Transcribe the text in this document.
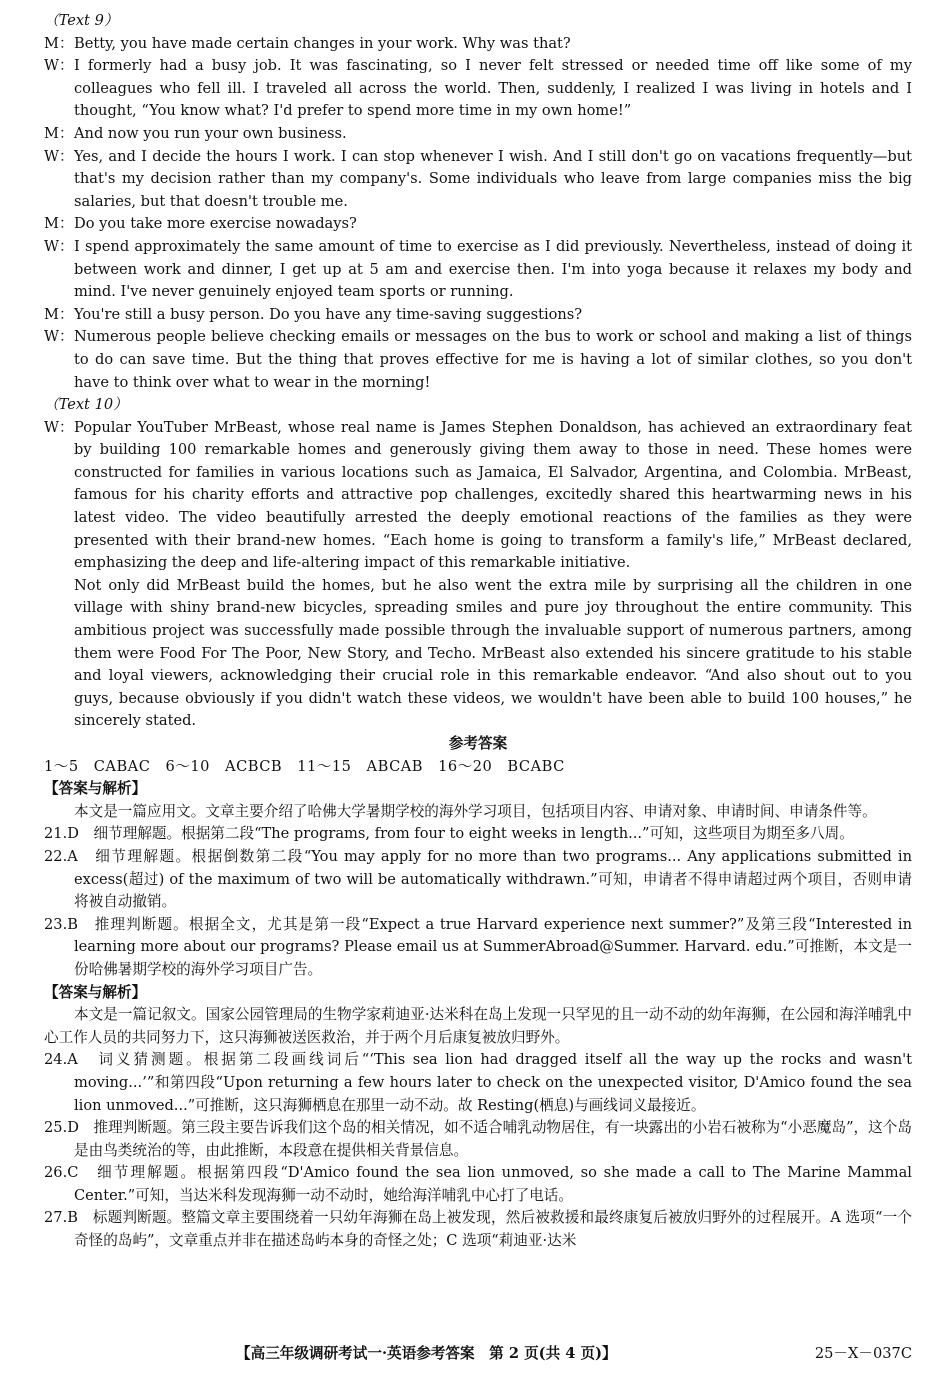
（Text 9）
M：Betty, you have made certain changes in your work. Why was that?
W：I formerly had a busy job. It was fascinating, so I never felt stressed or needed time off like some of my colleagues who fell ill. I traveled all across the world. Then, suddenly, I realized I was living in hotels and I thought, “You know what? I'd prefer to spend more time in my own home!”
M：And now you run your own business.
W：Yes, and I decide the hours I work. I can stop whenever I wish. And I still don't go on vacations frequently—but that's my decision rather than my company's. Some individuals who leave from large companies miss the big salaries, but that doesn't trouble me.
M：Do you take more exercise nowadays?
W：I spend approximately the same amount of time to exercise as I did previously. Nevertheless, instead of doing it between work and dinner, I get up at 5 am and exercise then. I'm into yoga because it relaxes my body and mind. I've never genuinely enjoyed team sports or running.
M：You're still a busy person. Do you have any time-saving suggestions?
W：Numerous people believe checking emails or messages on the bus to work or school and making a list of things to do can save time. But the thing that proves effective for me is having a lot of similar clothes, so you don't have to think over what to wear in the morning!
（Text 10）
W：Popular YouTuber MrBeast, whose real name is James Stephen Donaldson, has achieved an extraordinary feat by building 100 remarkable homes and generously giving them away to those in need. These homes were constructed for families in various locations such as Jamaica, El Salvador, Argentina, and Colombia. MrBeast, famous for his charity efforts and attractive pop challenges, excitedly shared this heartwarming news in his latest video. The video beautifully arrested the deeply emotional reactions of the families as they were presented with their brand-new homes. “Each home is going to transform a family's life,” MrBeast declared, emphasizing the deep and life-altering impact of this remarkable initiative.
Not only did MrBeast build the homes, but he also went the extra mile by surprising all the children in one village with shiny brand-new bicycles, spreading smiles and pure joy throughout the entire community. This ambitious project was successfully made possible through the invaluable support of numerous partners, among them were Food For The Poor, New Story, and Techo. MrBeast also extended his sincere gratitude to his stable and loyal viewers, acknowledging their crucial role in this remarkable endeavor. “And also shout out to you guys, because obviously if you didn't watch these videos, we wouldn't have been able to build 100 houses,” he sincerely stated.
参考答案
1～5　CABAC　6～10　ACBCB　11～15　ABCAB　16～20　BCABC
【答案与解析】
本文是一篇应用文。文章主要介绍了哈佛大学暑期学校的海外学习项目，包括项目内容、申请对象、申请时间、申请条件等。
21.D　 细节理解题。根据第二段“The programs, from four to eight weeks in length...”可知，这些项目为期至多八周。
22.A　 细节理解题。根据倒数第二段“You may apply for no more than two programs... Any applications submitted in excess(超过) of the maximum of two will be automatically withdrawn.”可知，申请者不得申请超过两个项目，否则申请将被自动撤销。
23.B　 推理判断题。根据全文，尤其是第一段“Expect a true Harvard experience next summer?”及第三段“Interested in learning more about our programs? Please email us at SummerAbroad@Summer. Harvard. edu.”可推断，本文是一份哈佛暑期学校的海外学习项目广告。
【答案与解析】
本文是一篇记叙文。国家公园管理局的生物学家莉迪亚·达米科在岛上发现一只罕见的且一动不动的幼年海狮，在公园和海洋哺乳中心工作人员的共同努力下，这只海狮被送医救治，并于两个月后康复被放归野外。
24.A　 词义猜测题。根据第二段画线词后“‘This sea lion had dragged itself all the way up the rocks and wasn't moving...’”和第四段“Upon returning a few hours later to check on the unexpected visitor, D'Amico found the sea lion unmoved...”可推断，这只海狮栖息在那里一动不动。故 Resting(栖息)与画线词义最接近。
25.D　 推理判断题。第三段主要告诉我们这个岛的相关情况，如不适合哺乳动物居住，有一块露出的小岩石被称为“小恶魔岛”，这个岛是由鸟类统治的等，由此推断，本段意在提供相关背景信息。
26.C　 细节理解题。根据第四段“D'Amico found the sea lion unmoved, so she made a call to The Marine Mammal Center.”可知，当达米科发现海狮一动不动时，她给海洋哺乳中心打了电话。
27.B　 标题判断题。整篇文章主要围绕着一只幼年海狮在岛上被发现，然后被救援和最终康复后被放归野外的过程展开。A 选项“一个奇怪的岛屿”，文章重点并非在描述岛屿本身的奇怪之处；C 选项“莉迪亚·达米
【高三年级调研考试一·英语参考答案　第 2 页(共 4 页)】	25－X－037C
